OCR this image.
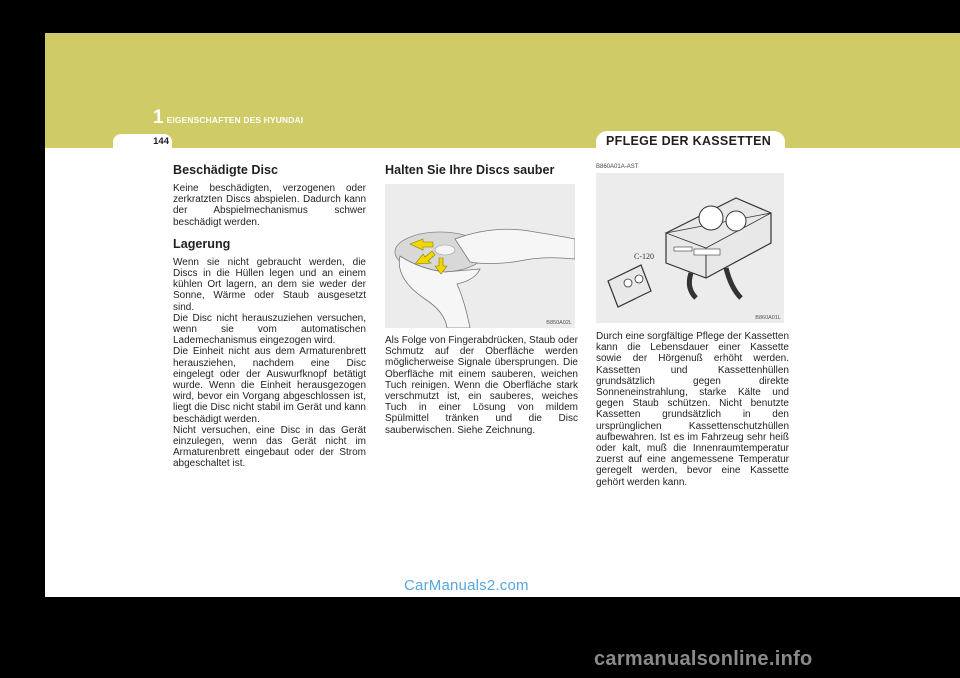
1 EIGENSCHAFTEN DES HYUNDAI
144	PFLEGE DER KASSETTEN
Beschädigte Disc
Keine beschädigten, verzogenen oder zerkratzten Discs abspielen. Dadurch kann der Abspielmechanismus schwer beschädigt werden.
Lagerung
Wenn sie nicht gebraucht werden, die Discs in die Hüllen legen und an einem kühlen Ort lagern, an dem sie weder der Sonne, Wärme oder Staub ausgesetzt sind.
Die Disc nicht herauszuziehen versuchen, wenn sie vom automatischen Lademechanismus eingezogen wird.
Die Einheit nicht aus dem Armaturenbrett herausziehen, nachdem eine Disc eingelegt oder der Auswurfknopf betätigt wurde. Wenn die Einheit herausgezogen wird, bevor ein Vorgang abgeschlossen ist, liegt die Disc nicht stabil im Gerät und kann beschädigt werden.
Nicht versuchen, eine Disc in das Gerät einzulegen, wenn das Gerät nicht im Armaturenbrett eingebaut oder der Strom abgeschaltet ist.
Halten Sie Ihre Discs sauber
B850A02L
Als Folge von Fingerabdrücken, Staub oder Schmutz auf der Oberfläche werden möglicherweise Signale übersprungen. Die Oberfläche mit einem sauberen, weichen Tuch reinigen. Wenn die Oberfläche stark verschmutzt ist, ein sauberes, weiches Tuch in einer Lösung von mildem Spülmittel tränken und die Disc sauberwischen. Siehe Zeichnung.
B860A01A-AST
C-120
B860A01L
Durch eine sorgfältige Pflege der Kassetten kann die Lebensdauer einer Kassette sowie der Hörgenuß erhöht werden. Kassetten und Kassettenhüllen grundsätzlich gegen direkte Sonneneinstrahlung, starke Kälte und gegen Staub schützen. Nicht benutzte Kassetten grundsätzlich in den ursprünglichen Kassettenschutzhüllen aufbewahren. Ist es im Fahrzeug sehr heiß oder kalt, muß die Innenraumtemperatur zuerst auf eine angemessene Temperatur geregelt werden, bevor eine Kassette gehört werden kann.
CarManuals2.com
carmanualsonline.info
